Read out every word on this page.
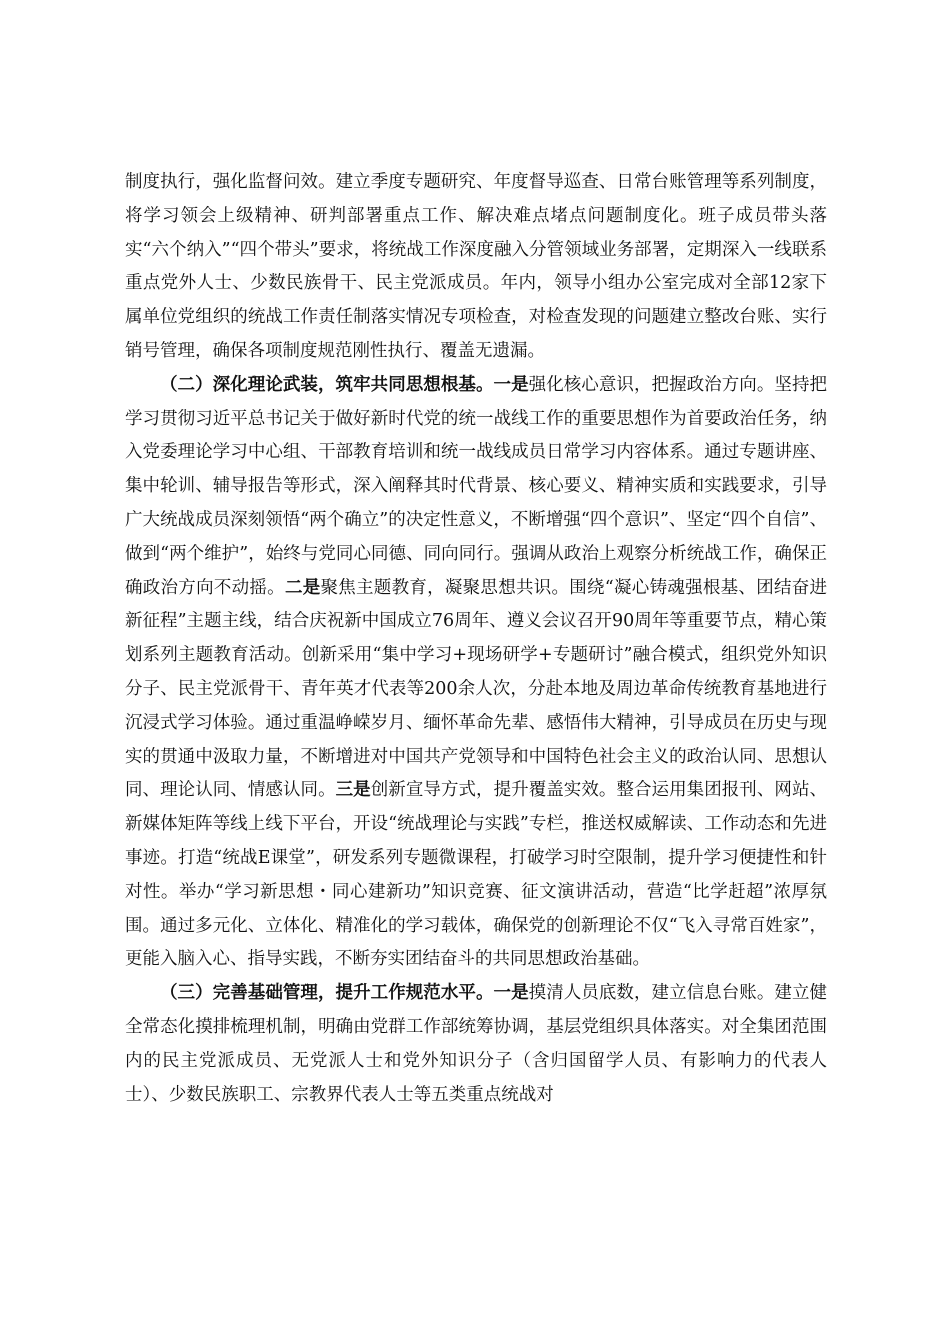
制度执行，强化监督问效。建立季度专题研究、年度督导巡查、日常台账管理等系列制度，将学习领会上级精神、研判部署重点工作、解决难点堵点问题制度化。班子成员带头落实“六个纳入”“四个带头”要求，将统战工作深度融入分管领域业务部署，定期深入一线联系重点党外人士、少数民族骨干、民主党派成员。年内，领导小组办公室完成对全部12家下属单位党组织的统战工作责任制落实情况专项检查，对检查发现的问题建立整改台账、实行销号管理，确保各项制度规范刚性执行、覆盖无遗漏。

（二）深化理论武装，筑牢共同思想根基。一是强化核心意识，把握政治方向。坚持把学习贯彻习近平总书记关于做好新时代党的统一战线工作的重要思想作为首要政治任务，纳入党委理论学习中心组、干部教育培训和统一战线成员日常学习内容体系。通过专题讲座、集中轮训、辅导报告等形式，深入阐释其时代背景、核心要义、精神实质和实践要求，引导广大统战成员深刻领悟“两个确立”的决定性意义，不断增强“四个意识”、坚定“四个自信”、做到“两个维护”，始终与党同心同德、同向同行。强调从政治上观察分析统战工作，确保正确政治方向不动摇。二是聚焦主题教育，凝聚思想共识。围绕“凝心铸魂强根基、团结奋进新征程”主题主线，结合庆祝新中国成立76周年、遵义会议召开90周年等重要节点，精心策划系列主题教育活动。创新采用“集中学习+现场研学+专题研讨”融合模式，组织党外知识分子、民主党派骨干、青年英才代表等200余人次，分赴本地及周边革命传统教育基地进行沉浸式学习体验。通过重温峥嵘岁月、缅怀革命先辈、感悟伟大精神，引导成员在历史与现实的贯通中汲取力量，不断增进对中国共产党领导和中国特色社会主义的政治认同、思想认同、理论认同、情感认同。三是创新宣导方式，提升覆盖实效。整合运用集团报刊、网站、新媒体矩阵等线上线下平台，开设“统战理论与实践”专栏，推送权威解读、工作动态和先进事迹。打造“统战E课堂”，研发系列专题微课程，打破学习时空限制，提升学习便捷性和针对性。举办“学习新思想・同心建新功”知识竞赛、征文演讲活动，营造“比学赶超”浓厚氛围。通过多元化、立体化、精准化的学习载体，确保党的创新理论不仅“飞入寻常百姓家”，更能入脑入心、指导实践，不断夯实团结奋斗的共同思想政治基础。

（三）完善基础管理，提升工作规范水平。一是摸清人员底数，建立信息台账。建立健全常态化摸排梳理机制，明确由党群工作部统筹协调，基层党组织具体落实。对全集团范围内的民主党派成员、无党派人士和党外知识分子（含归国留学人员、有影响力的代表人士）、少数民族职工、宗教界代表人士等五类重点统战对
